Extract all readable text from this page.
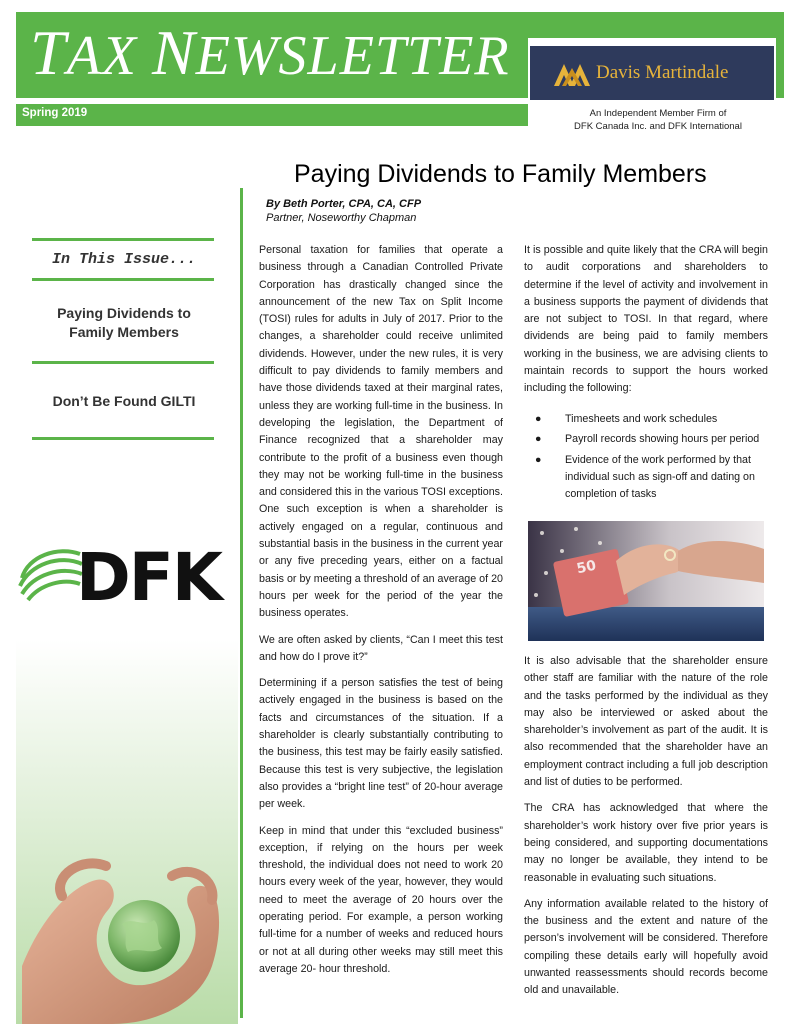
TAX NEWSLETTER	Davis Martindale
Spring 2019	An Independent Member Firm of
DFK Canada Inc. and DFK International
In This Issue...
Paying Dividends to Family Members
Don’t Be Found GILTI
DFK
Paying Dividends to Family Members
By Beth Porter, CPA, CA, CFP
Partner, Noseworthy Chapman

Personal taxation for families that operate a business through a Canadian Controlled Private Corporation has drastically changed since the announcement of the new Tax on Split Income (TOSI) rules for adults in July of 2017. Prior to the changes, a shareholder could receive unlimited dividends. However, under the new rules, it is very difficult to pay dividends to family members and have those dividends taxed at their marginal rates, unless they are working full-time in the business. In developing the legislation, the Department of Finance recognized that a shareholder may contribute to the profit of a business even though they may not be working full-time in the business and considered this in the various TOSI exceptions. One such exception is when a shareholder is actively engaged on a regular, continuous and substantial basis in the business in the current year or any five preceding years, either on a factual basis or by meeting a threshold of an average of 20 hours per week for the period of the year the business operates.

We are often asked by clients, “Can I meet this test and how do I prove it?”

Determining if a person satisfies the test of being actively engaged in the business is based on the facts and circumstances of the situation. If a shareholder is clearly substantially contributing to the business, this test may be fairly easily satisfied. Because this test is very subjective, the legislation also provides a “bright line test” of 20-hour average per week.

Keep in mind that under this “excluded business” exception, if relying on the hours per week threshold, the individual does not need to work 20 hours every week of the year, however, they would need to meet the average of 20 hours over the operating period. For example, a person working full-time for a number of weeks and reduced hours or not at all during other weeks may still meet this average 20- hour threshold.

It is possible and quite likely that the CRA will begin to audit corporations and shareholders to determine if the level of activity and involvement in a business supports the payment of dividends that are not subject to TOSI. In that regard, where dividends are being paid to family members working in the business, we are advising clients to maintain records to support the hours worked including the following:

● Timesheets and work schedules
● Payroll records showing hours per period
● Evidence of the work performed by that individual such as sign-off and dating on completion of tasks
50

It is also advisable that the shareholder ensure other staff are familiar with the nature of the role and the tasks performed by the individual as they may also be interviewed or asked about the shareholder’s involvement as part of the audit. It is also recommended that the shareholder have an employment contract including a full job description and list of duties to be performed.

The CRA has acknowledged that where the shareholder’s work history over five prior years is being considered, and supporting documentations may no longer be available, they intend to be reasonable in evaluating such situations.

Any information available related to the history of the business and the extent and nature of the person’s involvement will be considered. Therefore compiling these details early will hopefully avoid unwanted reassessments should records become old and unavailable.
